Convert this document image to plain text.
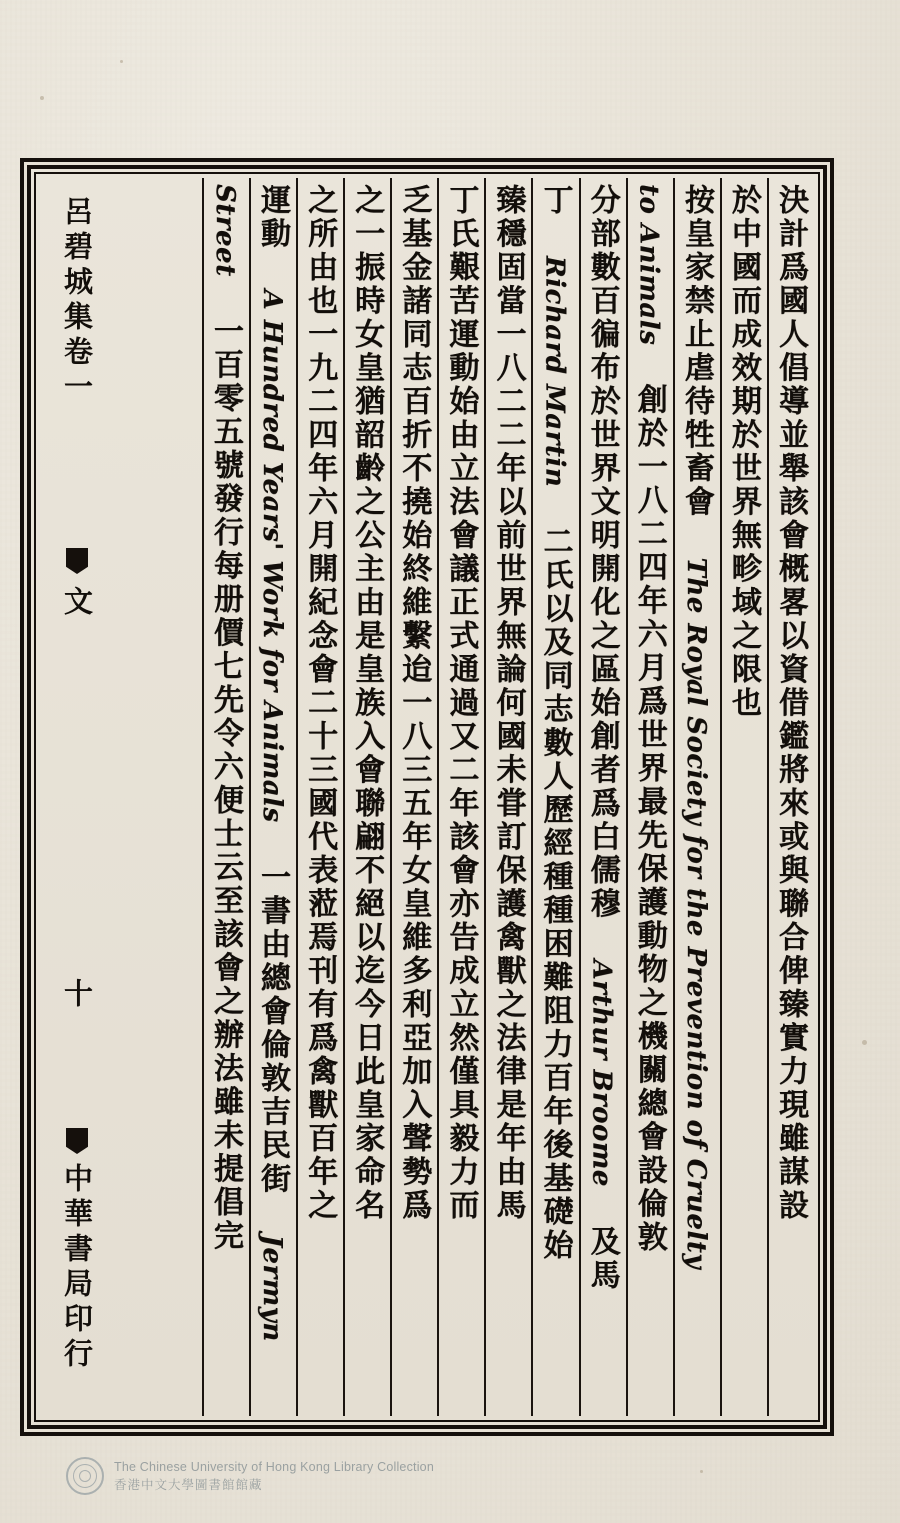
決計爲國人倡導並舉該會概畧以資借鑑將來或與聯合俾臻實力現雖謀設
於中國而成效期於世界無畛域之限也
按皇家禁止虐待牲畜會 The Royal Society for the Prevention of Cruelty
to Animals 創於一八二四年六月爲世界最先保護動物之機關總會設倫敦
分部數百徧布於世界文明開化之區始創者爲白儒穆 Arthur Broome 及馬
丁 Richard Martin 二氏以及同志數人歷經種種困難阻力百年後基礎始
臻穩固當一八二二年以前世界無論何國未甞訂保護禽獸之法律是年由馬
丁氏艱苦運動始由立法會議正式通過又二年該會亦告成立然僅具毅力而
乏基金諸同志百折不撓始終維繫迨一八三五年女皇維多利亞加入聲勢爲
之一振時女皇猶韶齡之公主由是皇族入會聯翩不絕以迄今日此皇家命名
之所由也一九二四年六月開紀念會二十三國代表蒞焉刊有爲禽獸百年之
運動 A Hundred Years' Work for Animals 一書由總會倫敦吉民街 Jermyn
Street 一百零五號發行每册價七先令六便士云至該會之辦法雖未提倡完
呂碧城集卷一
文
十
中華書局印行
The Chinese University of Hong Kong Library Collection
香港中文大學圖書館館藏
